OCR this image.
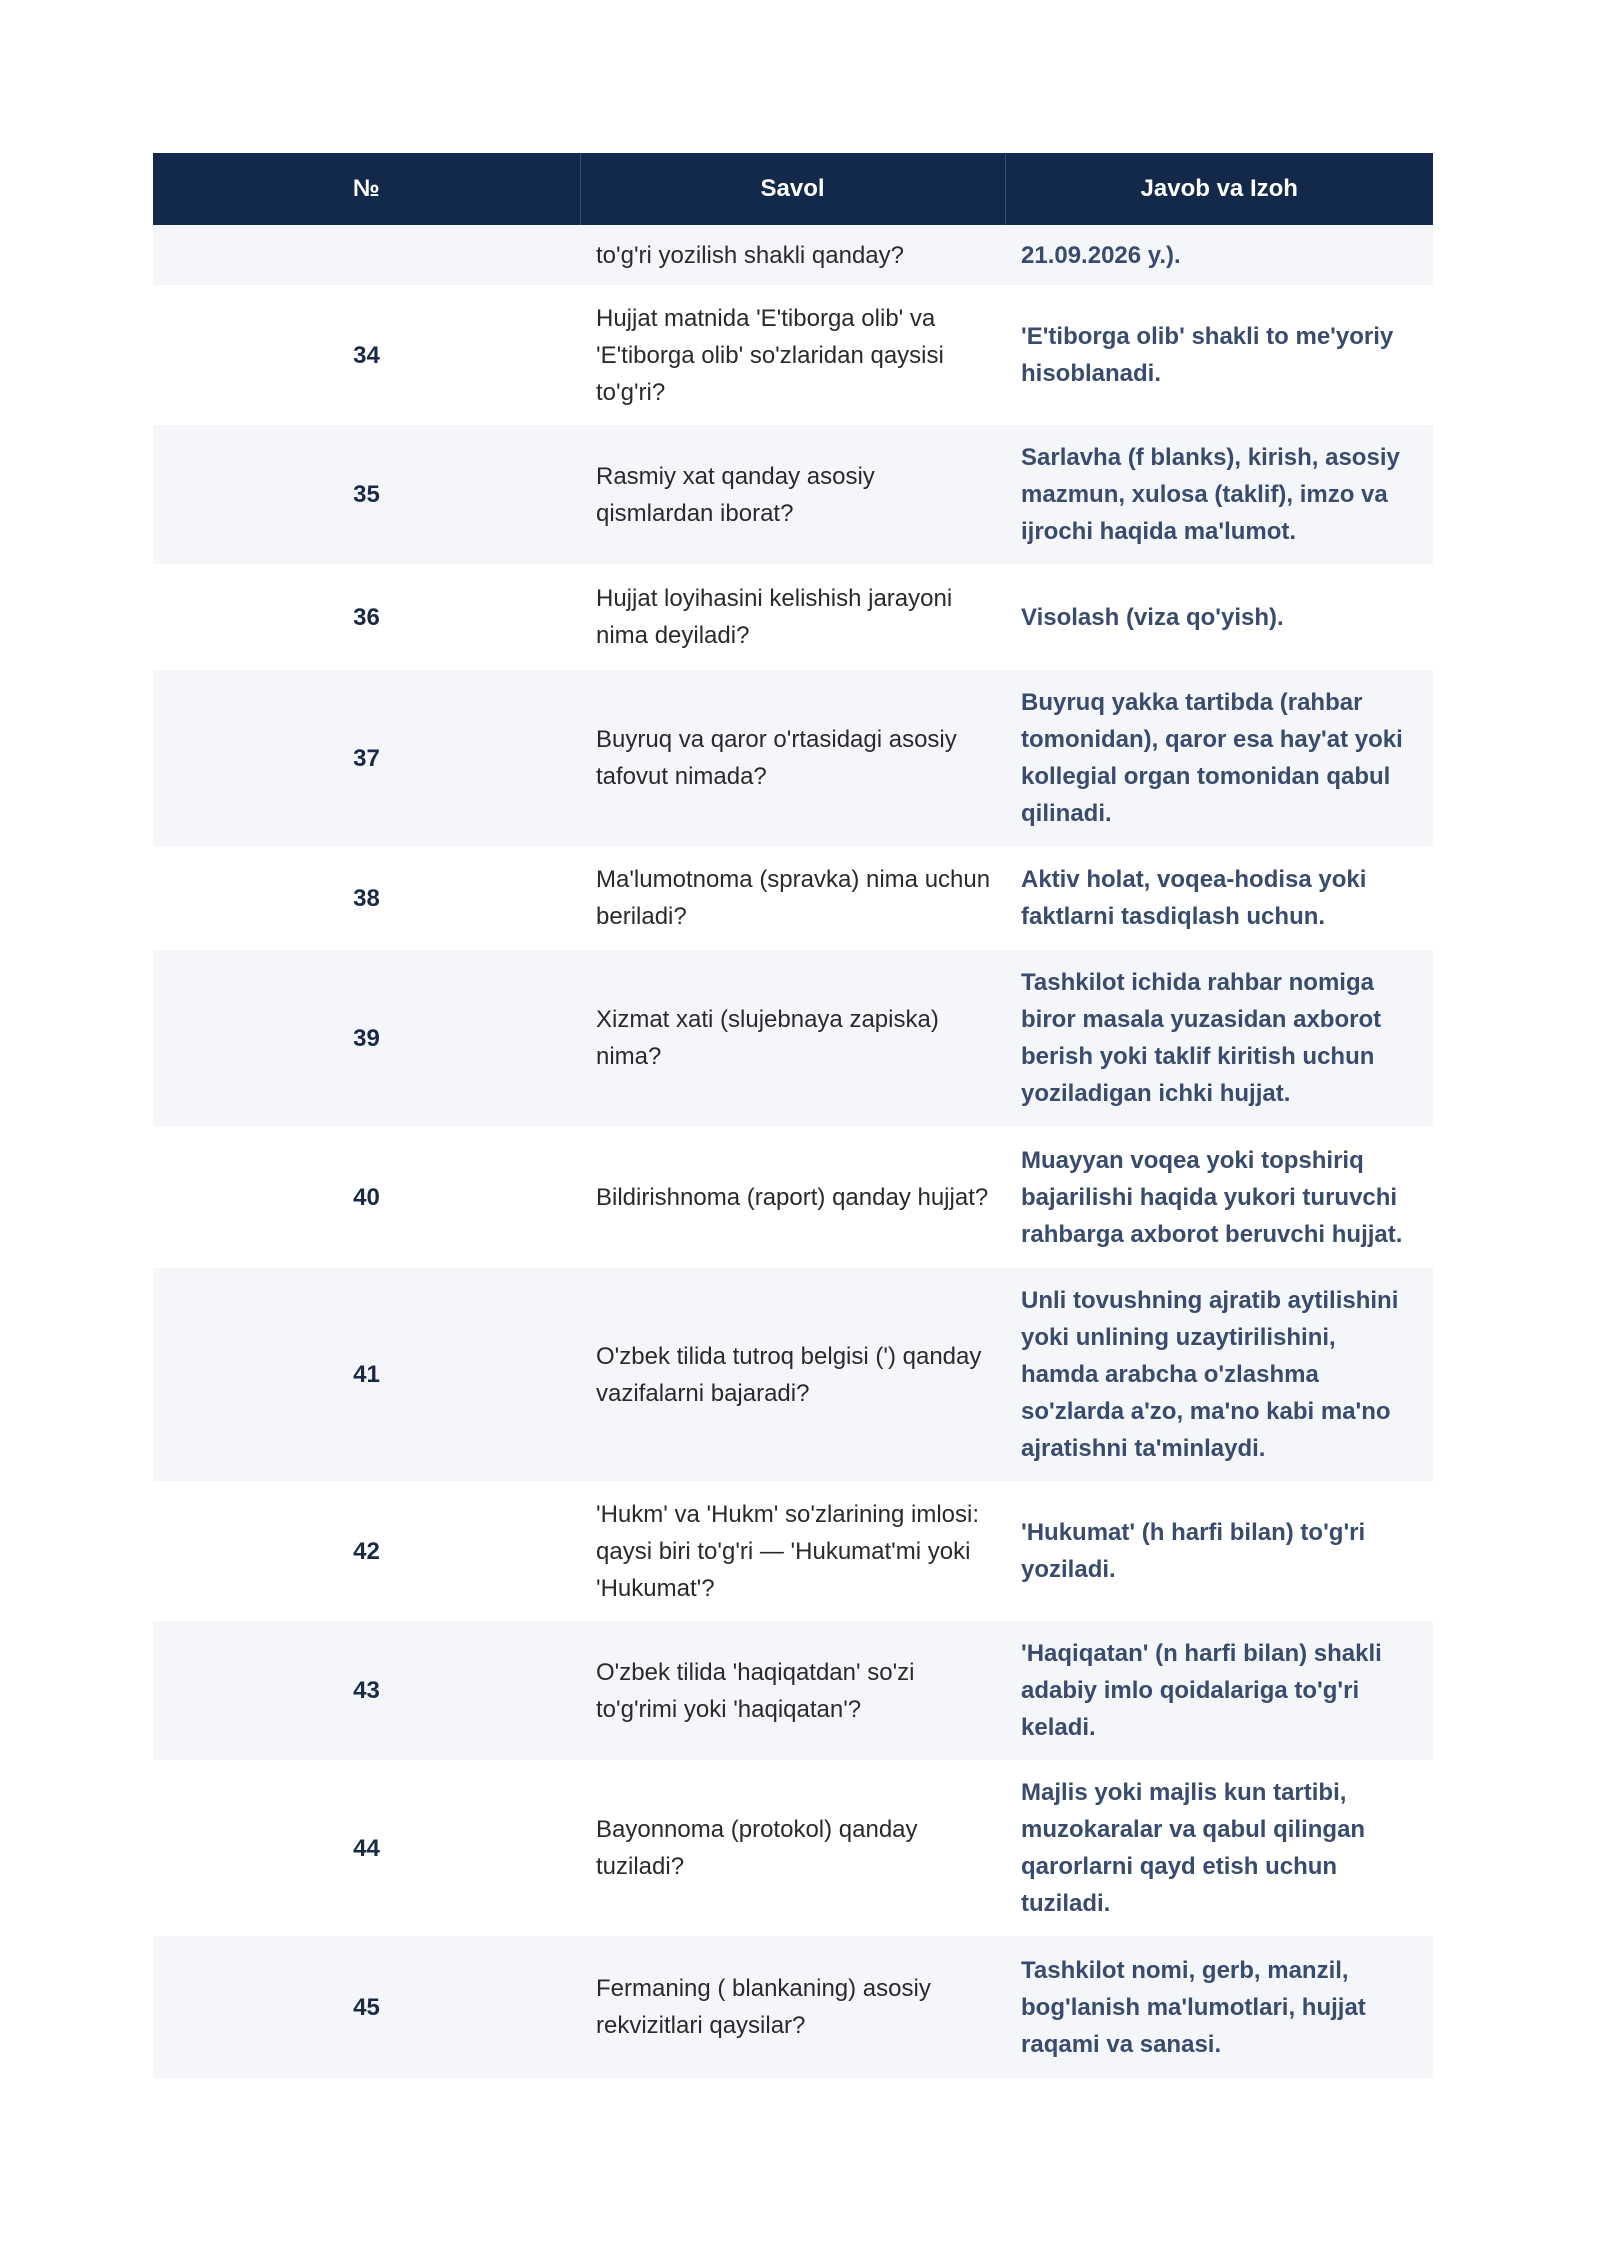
№	Savol	Javob va Izoh
	to'g'ri yozilish shakli qanday?	21.09.2026 y.).
34	Hujjat matnida 'E'tiborga olib' va 'E'tiborga olib' so'zlaridan qaysisi to'g'ri?	'E'tiborga olib' shakli to me'yoriy hisoblanadi.
35	Rasmiy xat qanday asosiy qismlardan iborat?	Sarlavha (f blanks), kirish, asosiy mazmun, xulosa (taklif), imzo va ijrochi haqida ma'lumot.
36	Hujjat loyihasini kelishish jarayoni nima deyiladi?	Visolash (viza qo'yish).
37	Buyruq va qaror o'rtasidagi asosiy tafovut nimada?	Buyruq yakka tartibda (rahbar tomonidan), qaror esa hay'at yoki kollegial organ tomonidan qabul qilinadi.
38	Ma'lumotnoma (spravka) nima uchun beriladi?	Aktiv holat, voqea-hodisa yoki faktlarni tasdiqlash uchun.
39	Xizmat xati (slujebnaya zapiska) nima?	Tashkilot ichida rahbar nomiga biror masala yuzasidan axborot berish yoki taklif kiritish uchun yoziladigan ichki hujjat.
40	Bildirishnoma (raport) qanday hujjat?	Muayyan voqea yoki topshiriq bajarilishi haqida yukori turuvchi rahbarga axborot beruvchi hujjat.
41	O'zbek tilida tutroq belgisi (') qanday vazifalarni bajaradi?	Unli tovushning ajratib aytilishini yoki unlining uzaytirilishini, hamda arabcha o'zlashma so'zlarda a'zo, ma'no kabi ma'no ajratishni ta'minlaydi.
42	'Hukm' va 'Hukm' so'zlarining imlosi: qaysi biri to'g'ri — 'Hukumat'mi yoki 'Hukumat'?	'Hukumat' (h harfi bilan) to'g'ri yoziladi.
43	O'zbek tilida 'haqiqatdan' so'zi to'g'rimi yoki 'haqiqatan'?	'Haqiqatan' (n harfi bilan) shakli adabiy imlo qoidalariga to'g'ri keladi.
44	Bayonnoma (protokol) qanday tuziladi?	Majlis yoki majlis kun tartibi, muzokaralar va qabul qilingan qarorlarni qayd etish uchun tuziladi.
45	Fermaning ( blankaning) asosiy rekvizitlari qaysilar?	Tashkilot nomi, gerb, manzil, bog'lanish ma'lumotlari, hujjat raqami va sanasi.
